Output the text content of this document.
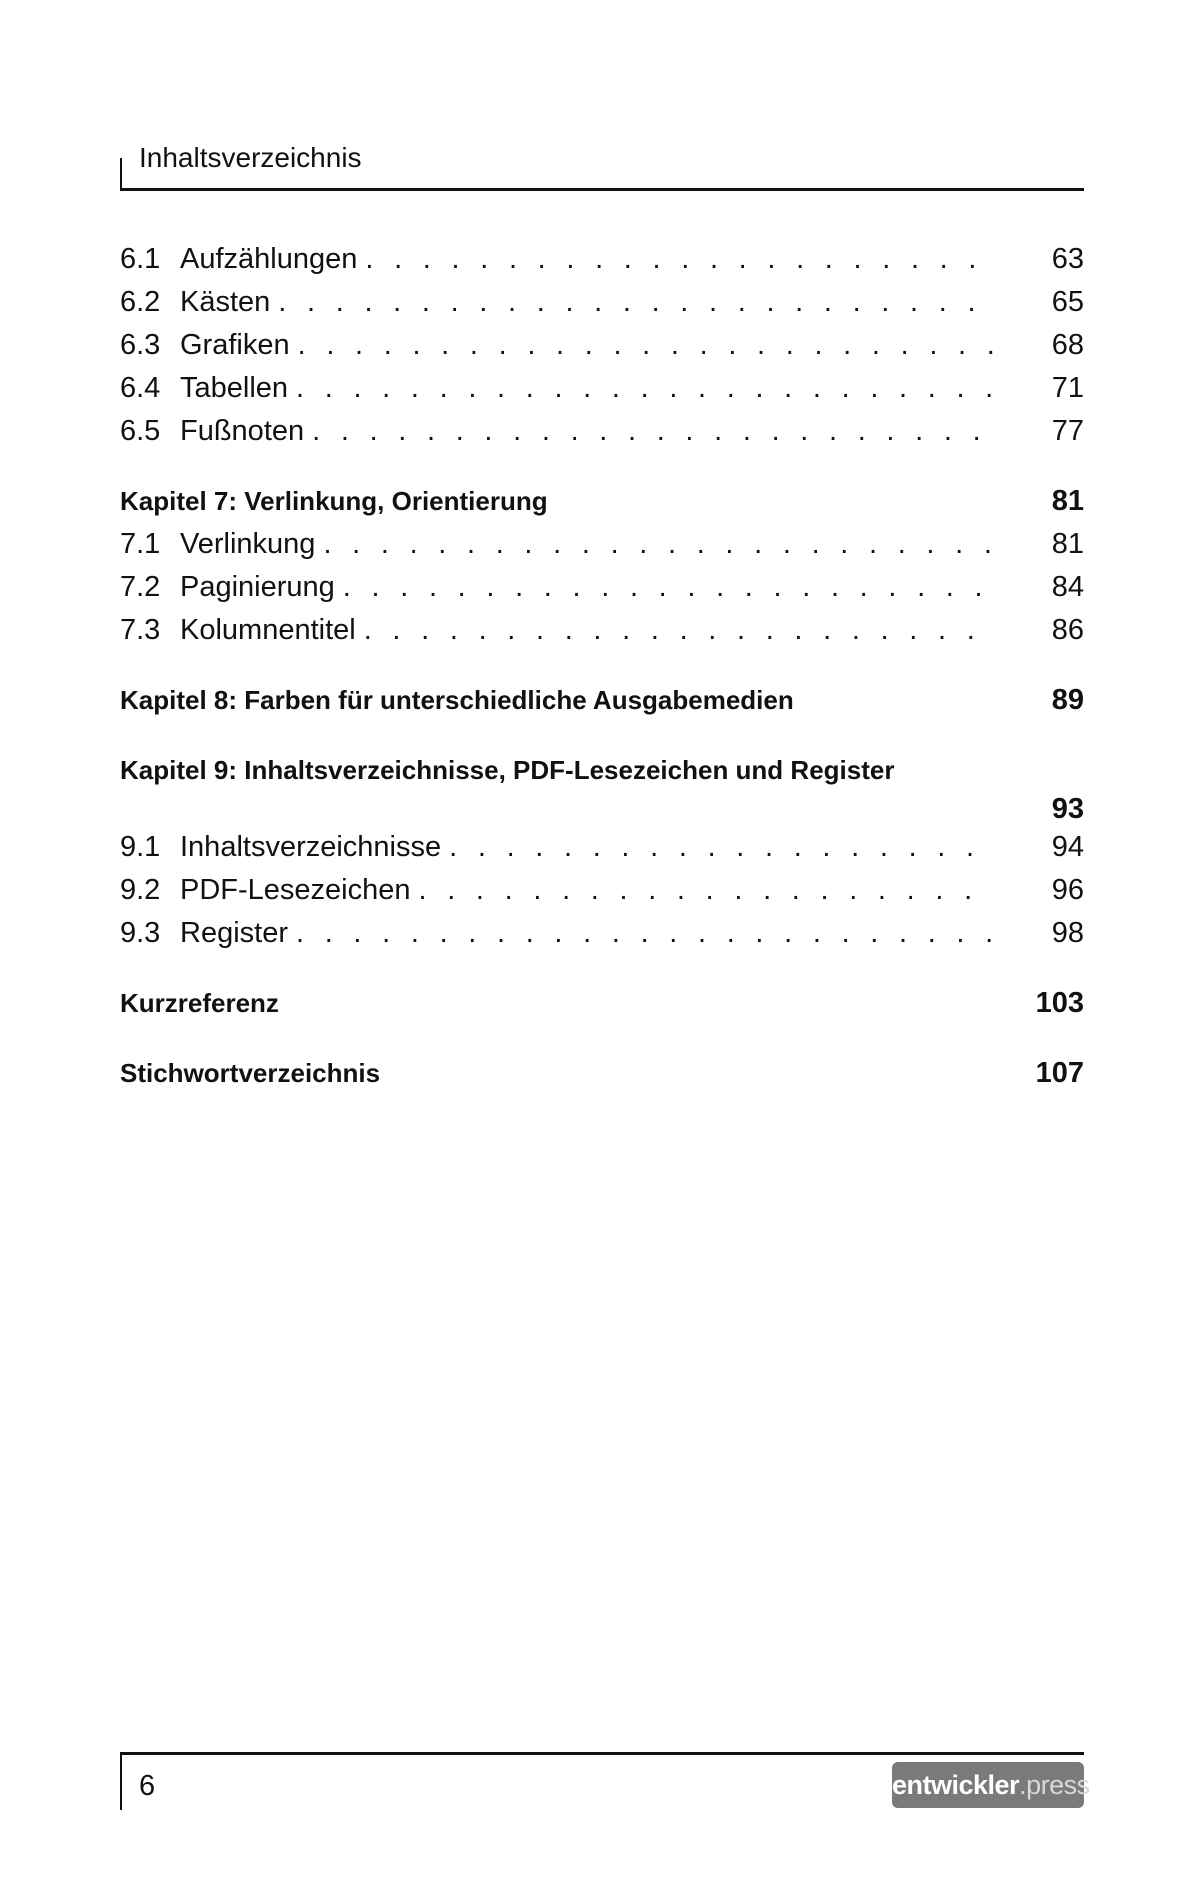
Inhaltsverzeichnis
6.1 Aufzählungen . . .	63
6.2 Kästen . . .	65
6.3 Grafiken . . .	68
6.4 Tabellen . . .	71
6.5 Fußnoten . . .	77
Kapitel 7: Verlinkung, Orientierung	81
7.1 Verlinkung . . .	81
7.2 Paginierung . . .	84
7.3 Kolumnentitel . . .	86
Kapitel 8: Farben für unterschiedliche Ausgabemedien	89
Kapitel 9: Inhaltsverzeichnisse, PDF-Lesezeichen und Register
93
9.1 Inhaltsverzeichnisse . . .	94
9.2 PDF-Lesezeichen . . .	96
9.3 Register . . .	98
Kurzreferenz	103
Stichwortverzeichnis	107
6	entwickler.press
